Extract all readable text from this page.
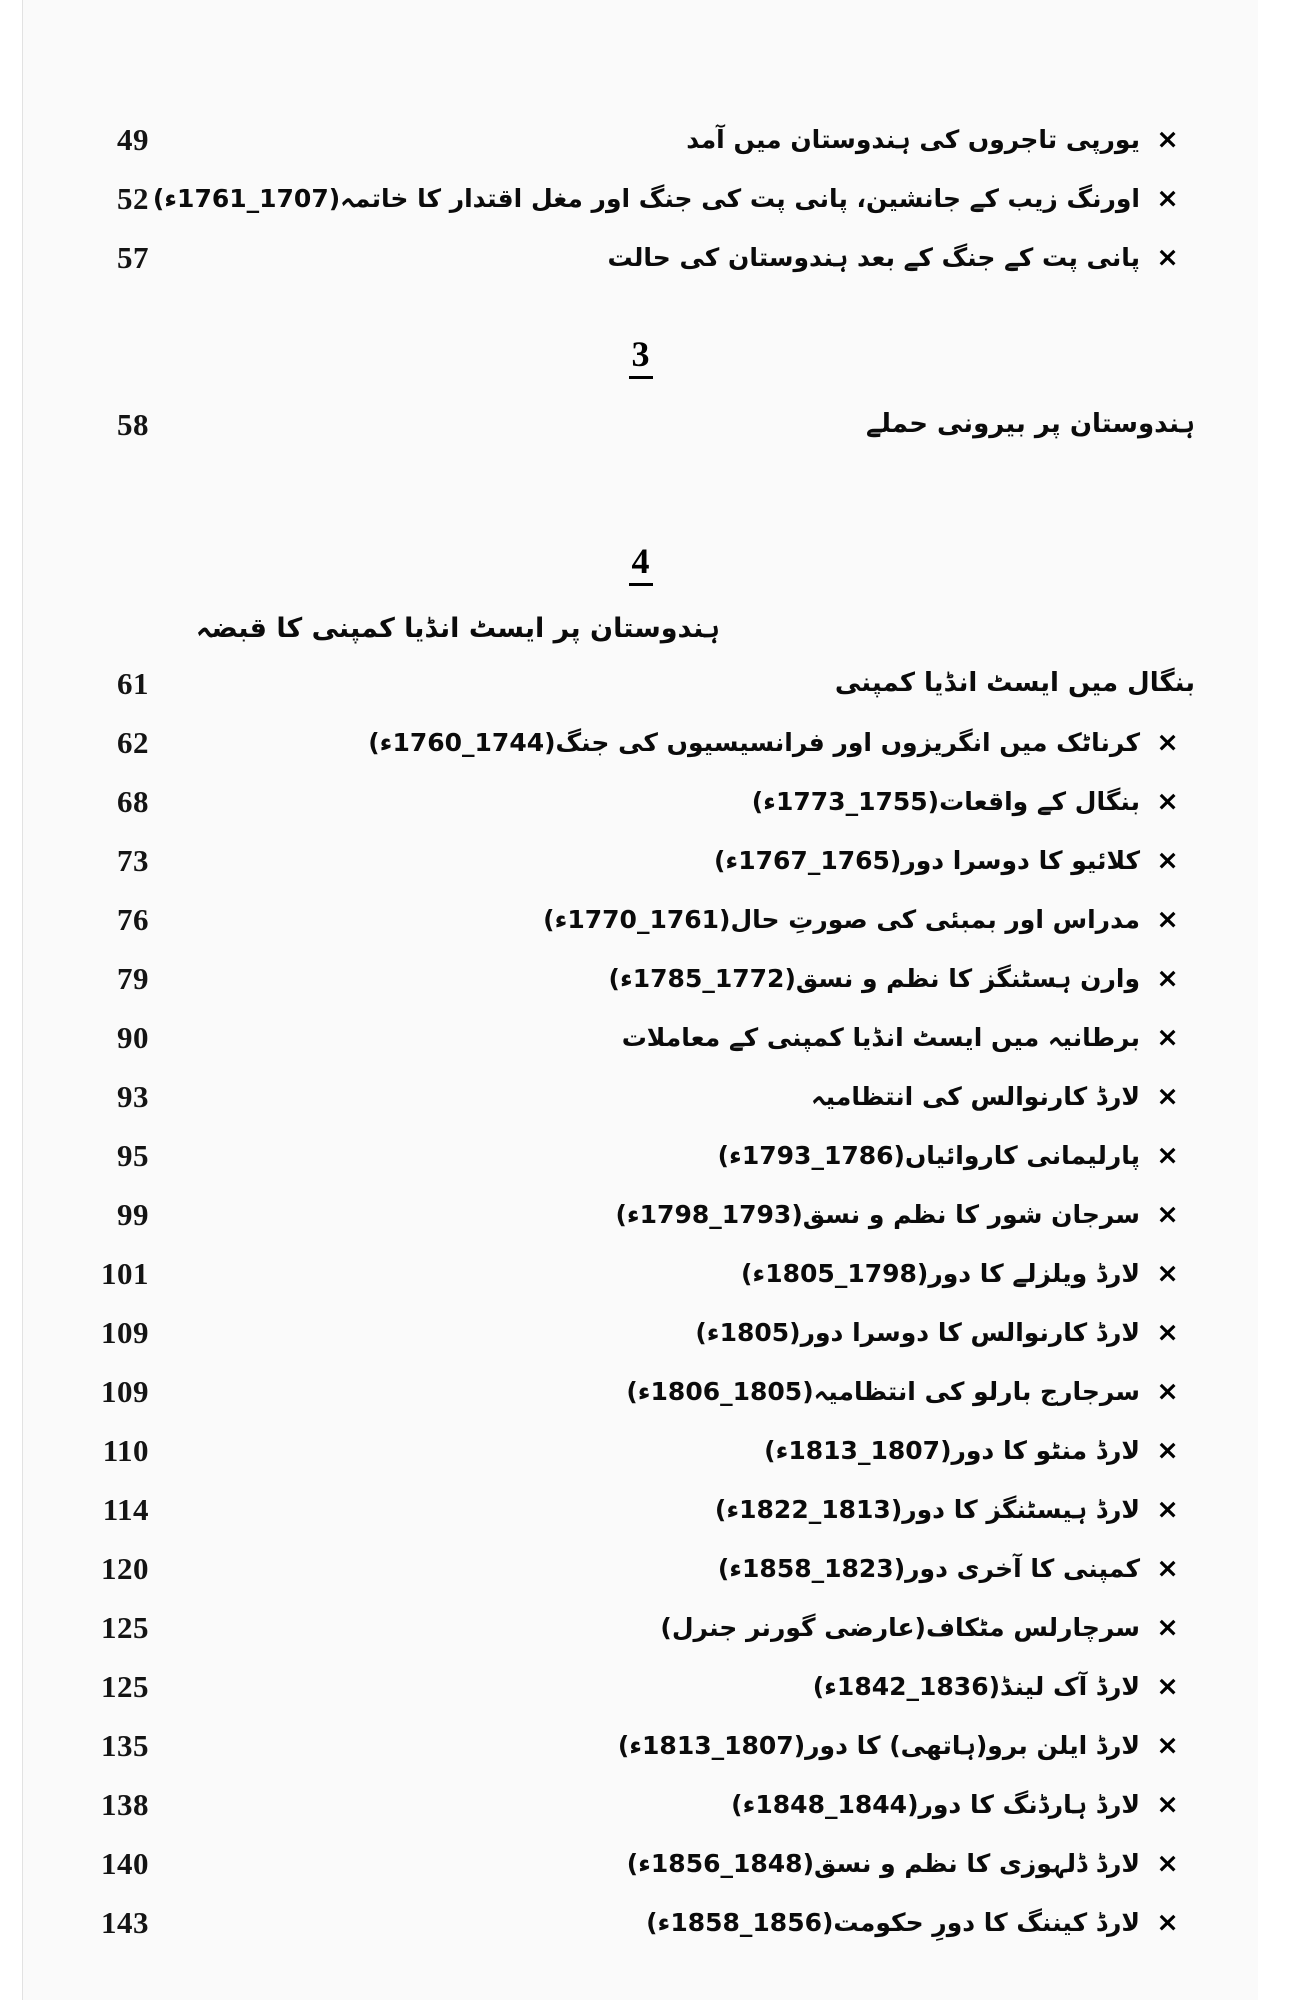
×
یورپی تاجروں کی ہندوستان میں آمد
49
×
اورنگ زیب کے جانشین، پانی پت کی جنگ اور مغل اقتدار کا خاتمہ(1707_1761ء)
52
×
پانی پت کے جنگ کے بعد ہندوستان کی حالت
57
3
ہندوستان پر بیرونی حملے
58
4
ہندوستان پر ایسٹ انڈیا کمپنی کا قبضہ
بنگال میں ایسٹ انڈیا کمپنی
61
×
کرناٹک میں انگریزوں اور فرانسیسیوں کی جنگ(1744_1760ء)
62
×
بنگال کے واقعات(1755_1773ء)
68
×
کلائیو کا دوسرا دور(1765_1767ء)
73
×
مدراس اور بمبئی کی صورتِ حال(1761_1770ء)
76
×
وارن ہسٹنگز کا نظم و نسق(1772_1785ء)
79
×
برطانیہ میں ایسٹ انڈیا کمپنی کے معاملات
90
×
لارڈ کارنوالس کی انتظامیہ
93
×
پارلیمانی کاروائیاں(1786_1793ء)
95
×
سرجان شور کا نظم و نسق(1793_1798ء)
99
×
لارڈ ویلزلے کا دور(1798_1805ء)
101
×
لارڈ کارنوالس کا دوسرا دور(1805ء)
109
×
سرجارج بارلو کی انتظامیہ(1805_1806ء)
109
×
لارڈ منٹو کا دور(1807_1813ء)
110
×
لارڈ ہیسٹنگز کا دور(1813_1822ء)
114
×
کمپنی کا آخری دور(1823_1858ء)
120
×
سرچارلس مٹکاف(عارضی گورنر جنرل)
125
×
لارڈ آک لینڈ(1836_1842ء)
125
×
لارڈ ایلن برو(ہاتھی) کا دور(1807_1813ء)
135
×
لارڈ ہارڈنگ کا دور(1844_1848ء)
138
×
لارڈ ڈلہوزی کا نظم و نسق(1848_1856ء)
140
×
لارڈ کیننگ کا دورِ حکومت(1856_1858ء)
143
